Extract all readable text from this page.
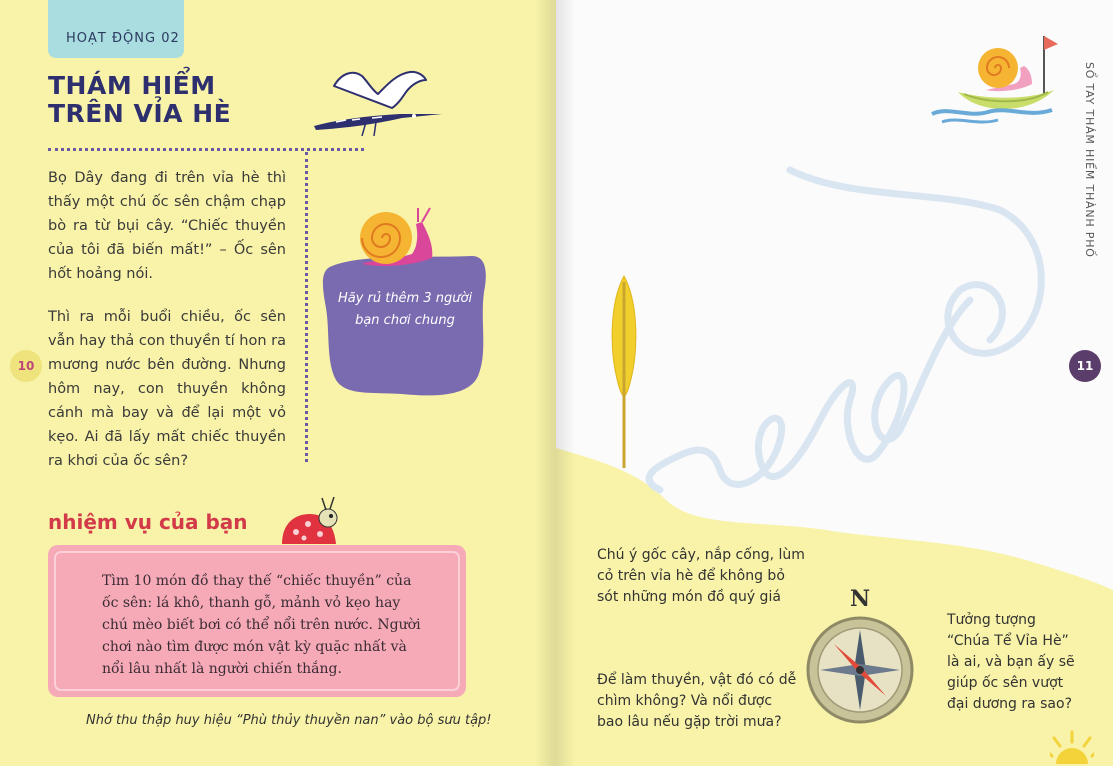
HOẠT ĐỘNG 02
THÁM HIỂM
TRÊN VỈA HÈ

Bọ Dây đang đi trên vỉa hè thì thấy một chú ốc sên chậm chạp bò ra từ bụi cây. “Chiếc thuyền của tôi đã biến mất!” – Ốc sên hốt hoảng nói.

Thì ra mỗi buổi chiều, ốc sên vẫn hay thả con thuyền tí hon ra mương nước bên đường. Nhưng hôm nay, con thuyền không cánh mà bay và để lại một vỏ kẹo. Ai đã lấy mất chiếc thuyền ra khơi của ốc sên?

10
Hãy rủ thêm 3 người bạn chơi chung
nhiệm vụ của bạn

Tìm 10 món đồ thay thế “chiếc thuyền” của ốc sên: lá khô, thanh gỗ, mảnh vỏ kẹo hay chú mèo biết bơi có thể nổi trên nước. Người chơi nào tìm được món vật kỳ quặc nhất và nổi lâu nhất là người chiến thắng.

Nhớ thu thập huy hiệu “Phù thủy thuyền nan” vào bộ sưu tập!
SỔ TAY THÁM HIỂM THÀNH PHỐ
11

Chú ý gốc cây, nắp cống, lùm cỏ trên vỉa hè để không bỏ sót những món đồ quý giá

Để làm thuyền, vật đó có dễ chìm không? Và nổi được bao lâu nếu gặp trời mưa?

Tưởng tượng “Chúa Tể Vỉa Hè” là ai, và bạn ấy sẽ giúp ốc sên vượt đại dương ra sao?

N
